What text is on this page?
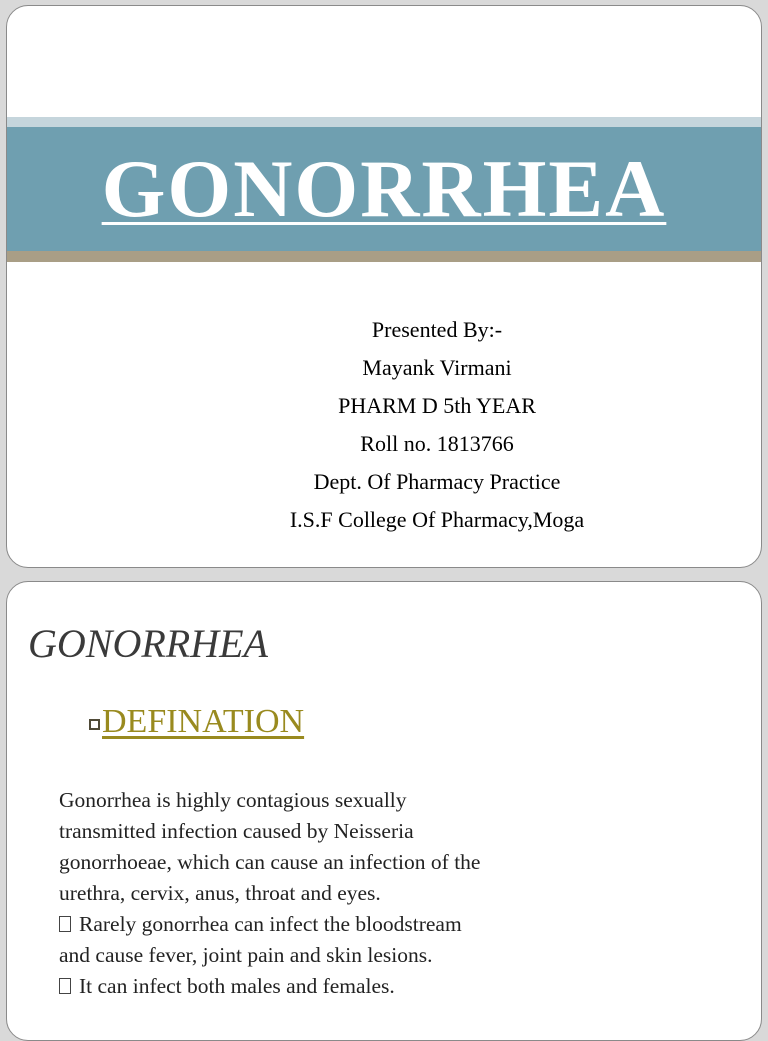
GONORRHEA
Presented By:-
Mayank Virmani
PHARM D 5th YEAR
Roll no. 1813766
Dept. Of Pharmacy Practice
I.S.F College Of Pharmacy,Moga
GONORRHEA
DEFINATION
Gonorrhea is highly contagious sexually
transmitted infection caused by Neisseria
gonorrhoeae, which can cause an infection of the
urethra, cervix, anus, throat and eyes.
Rarely gonorrhea can infect the bloodstream
and cause fever, joint pain and skin lesions.
It can infect both males and females.
